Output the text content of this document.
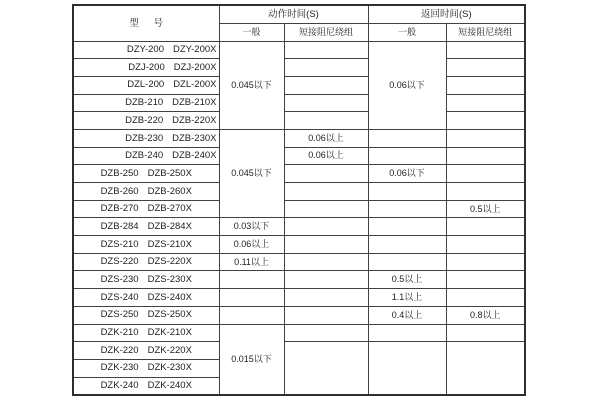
型 号	动作时间(S)		返回时间(S)	
	一般	短接阻尼绕组	一般	短接阻尼绕组

DZY-200 DZY-200X	0.045以下		0.06以下	

DZJ-200 DZJ-200X				

DZL-200 DZL-200X				

DZB-210 DZB-210X				

DZB-220 DZB-220X				

DZB-230 DZB-230X	0.045以下	0.06以上		

DZB-240 DZB-240X		0.06以上		

DZB-250 DZB-250X			0.06以下	

DZB-260 DZB-260X				

DZB-270 DZB-270X				0.5以上

DZB-284 DZB-284X	0.03以下			

DZS-210 DZS-210X	0.06以上			

DZS-220 DZS-220X	0.11以上			

DZS-230 DZS-230X			0.5以上	

DZS-240 DZS-240X			1.1以上	

DZS-250 DZS-250X			0.4以上	0.8以上

DZK-210 DZK-210X	0.015以下			

DZK-220 DZK-220X				

DZK-230 DZK-230X				

DZK-240 DZK-240X				
